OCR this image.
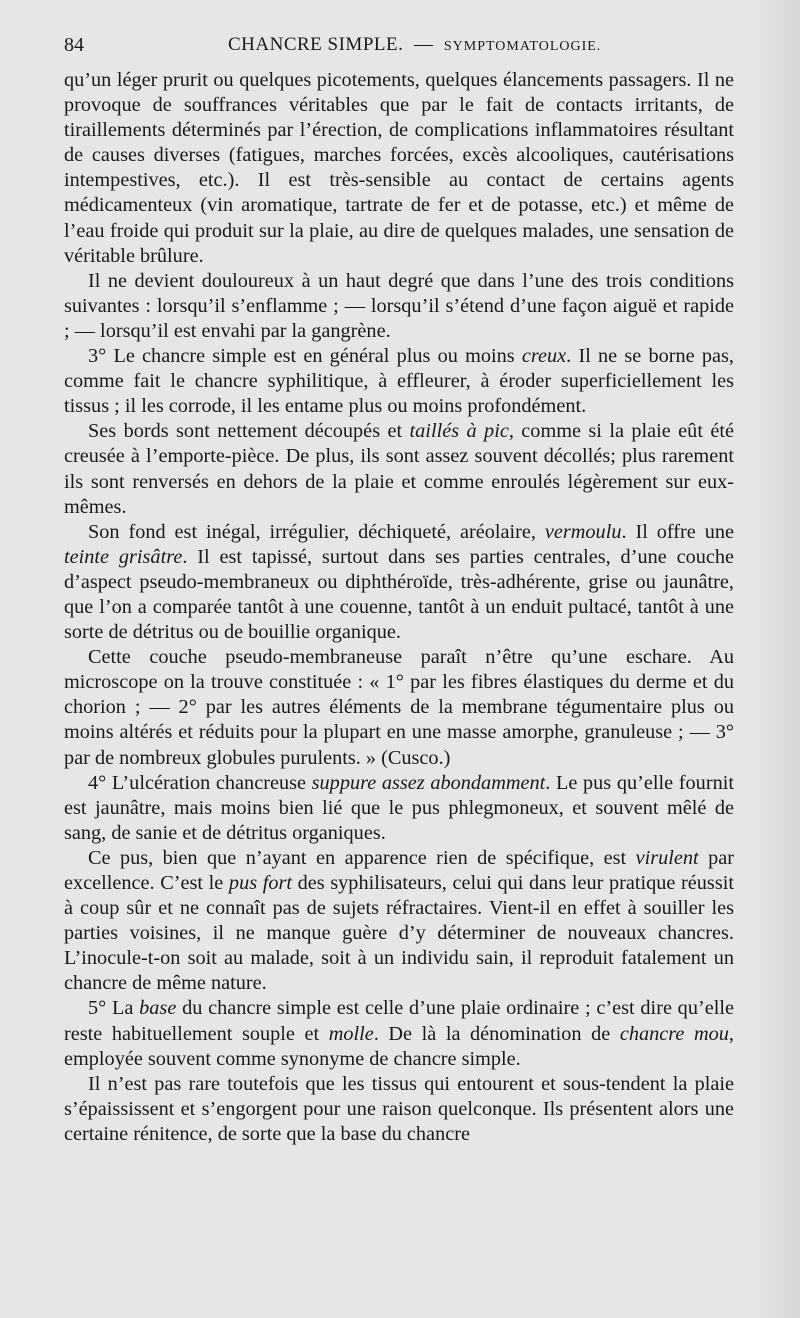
84	CHANCRE SIMPLE. — SYMPTOMATOLOGIE.

qu’un léger prurit ou quelques picotements, quelques élancements passagers. Il ne provoque de souffrances véritables que par le fait de contacts irritants, de tiraillements déterminés par l’érection, de complications inflammatoires résultant de causes diverses (fatigues, marches forcées, excès alcooliques, cautérisations intempestives, etc.). Il est très-sensible au contact de certains agents médicamenteux (vin aromatique, tartrate de fer et de potasse, etc.) et même de l’eau froide qui produit sur la plaie, au dire de quelques malades, une sensation de véritable brûlure.

Il ne devient douloureux à un haut degré que dans l’une des trois conditions suivantes : lorsqu’il s’enflamme ; — lorsqu’il s’étend d’une façon aiguë et rapide ; — lorsqu’il est envahi par la gangrène.

3° Le chancre simple est en général plus ou moins creux. Il ne se borne pas, comme fait le chancre syphilitique, à effleurer, à éroder superficiellement les tissus ; il les corrode, il les entame plus ou moins profondément.

Ses bords sont nettement découpés et taillés à pic, comme si la plaie eût été creusée à l’emporte-pièce. De plus, ils sont assez souvent décollés; plus rarement ils sont renversés en dehors de la plaie et comme enroulés légèrement sur eux-mêmes.

Son fond est inégal, irrégulier, déchiqueté, aréolaire, vermoulu. Il offre une teinte grisâtre. Il est tapissé, surtout dans ses parties centrales, d’une couche d’aspect pseudo-membraneux ou diphthéroïde, très-adhérente, grise ou jaunâtre, que l’on a comparée tantôt à une couenne, tantôt à un enduit pultacé, tantôt à une sorte de détritus ou de bouillie organique.

Cette couche pseudo-membraneuse paraît n’être qu’une eschare. Au microscope on la trouve constituée : « 1° par les fibres élastiques du derme et du chorion ; — 2° par les autres éléments de la membrane tégumentaire plus ou moins altérés et réduits pour la plupart en une masse amorphe, granuleuse ; — 3° par de nombreux globules purulents. » (Cusco.)

4° L’ulcération chancreuse suppure assez abondamment. Le pus qu’elle fournit est jaunâtre, mais moins bien lié que le pus phlegmoneux, et souvent mêlé de sang, de sanie et de détritus organiques.

Ce pus, bien que n’ayant en apparence rien de spécifique, est virulent par excellence. C’est le pus fort des syphilisateurs, celui qui dans leur pratique réussit à coup sûr et ne connaît pas de sujets réfractaires. Vient-il en effet à souiller les parties voisines, il ne manque guère d’y déterminer de nouveaux chancres. L’inocule-t-on soit au malade, soit à un individu sain, il reproduit fatalement un chancre de même nature.

5° La base du chancre simple est celle d’une plaie ordinaire ; c’est dire qu’elle reste habituellement souple et molle. De là la dénomination de chancre mou, employée souvent comme synonyme de chancre simple.

Il n’est pas rare toutefois que les tissus qui entourent et sous-tendent la plaie s’épaississent et s’engorgent pour une raison quelconque. Ils présentent alors une certaine rénitence, de sorte que la base du chancre
